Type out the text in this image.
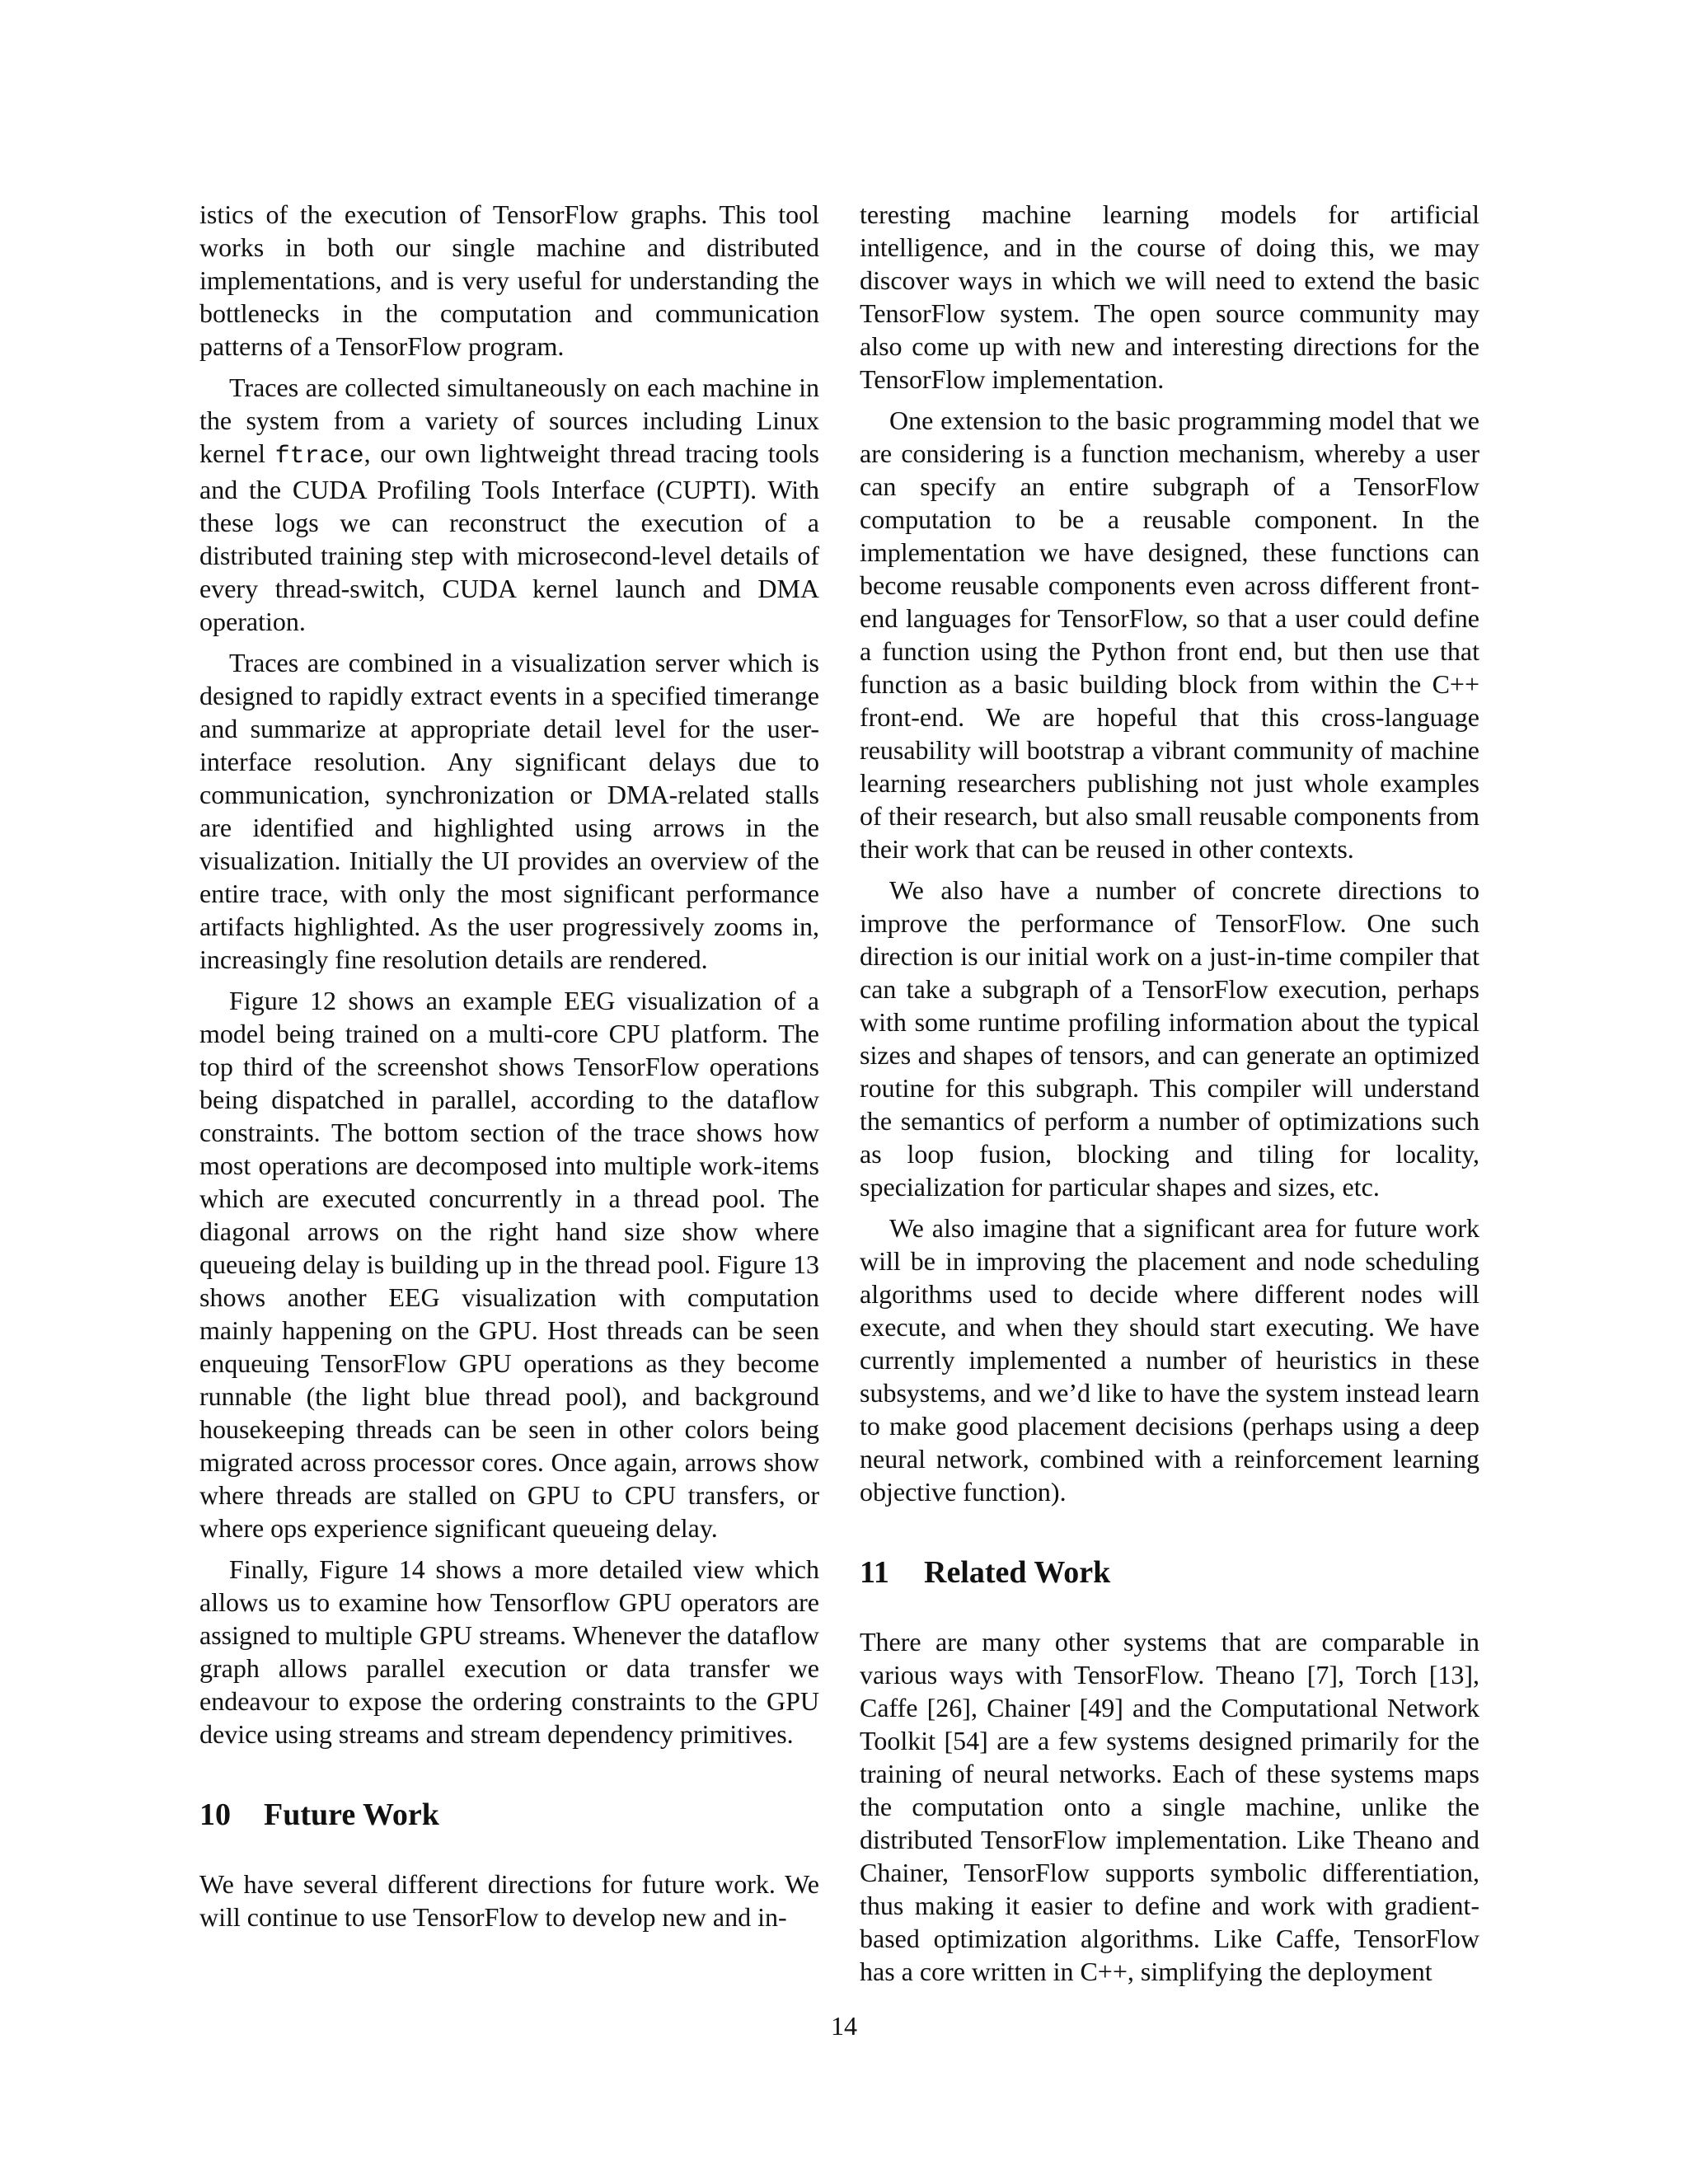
istics of the execution of TensorFlow graphs. This tool works in both our single machine and distributed implementations, and is very useful for understanding the bottlenecks in the computation and communication patterns of a TensorFlow program.

Traces are collected simultaneously on each machine in the system from a variety of sources including Linux kernel ftrace, our own lightweight thread tracing tools and the CUDA Profiling Tools Interface (CUPTI). With these logs we can reconstruct the execution of a distributed training step with microsecond-level details of every thread-switch, CUDA kernel launch and DMA operation.

Traces are combined in a visualization server which is designed to rapidly extract events in a specified timerange and summarize at appropriate detail level for the user-interface resolution. Any significant delays due to communication, synchronization or DMA-related stalls are identified and highlighted using arrows in the visualization. Initially the UI provides an overview of the entire trace, with only the most significant performance artifacts highlighted. As the user progressively zooms in, increasingly fine resolution details are rendered.

Figure 12 shows an example EEG visualization of a model being trained on a multi-core CPU platform. The top third of the screenshot shows TensorFlow operations being dispatched in parallel, according to the dataflow constraints. The bottom section of the trace shows how most operations are decomposed into multiple work-items which are executed concurrently in a thread pool. The diagonal arrows on the right hand size show where queueing delay is building up in the thread pool. Figure 13 shows another EEG visualization with computation mainly happening on the GPU. Host threads can be seen enqueuing TensorFlow GPU operations as they become runnable (the light blue thread pool), and background housekeeping threads can be seen in other colors being migrated across processor cores. Once again, arrows show where threads are stalled on GPU to CPU transfers, or where ops experience significant queueing delay.

Finally, Figure 14 shows a more detailed view which allows us to examine how Tensorflow GPU operators are assigned to multiple GPU streams. Whenever the dataflow graph allows parallel execution or data transfer we endeavour to expose the ordering constraints to the GPU device using streams and stream dependency primitives.

10 Future Work

We have several different directions for future work. We will continue to use TensorFlow to develop new and in-

teresting machine learning models for artificial intelligence, and in the course of doing this, we may discover ways in which we will need to extend the basic TensorFlow system. The open source community may also come up with new and interesting directions for the TensorFlow implementation.

One extension to the basic programming model that we are considering is a function mechanism, whereby a user can specify an entire subgraph of a TensorFlow computation to be a reusable component. In the implementation we have designed, these functions can become reusable components even across different front-end languages for TensorFlow, so that a user could define a function using the Python front end, but then use that function as a basic building block from within the C++ front-end. We are hopeful that this cross-language reusability will bootstrap a vibrant community of machine learning researchers publishing not just whole examples of their research, but also small reusable components from their work that can be reused in other contexts.

We also have a number of concrete directions to improve the performance of TensorFlow. One such direction is our initial work on a just-in-time compiler that can take a subgraph of a TensorFlow execution, perhaps with some runtime profiling information about the typical sizes and shapes of tensors, and can generate an optimized routine for this subgraph. This compiler will understand the semantics of perform a number of optimizations such as loop fusion, blocking and tiling for locality, specialization for particular shapes and sizes, etc.

We also imagine that a significant area for future work will be in improving the placement and node scheduling algorithms used to decide where different nodes will execute, and when they should start executing. We have currently implemented a number of heuristics in these subsystems, and we’d like to have the system instead learn to make good placement decisions (perhaps using a deep neural network, combined with a reinforcement learning objective function).

11 Related Work

There are many other systems that are comparable in various ways with TensorFlow. Theano [7], Torch [13], Caffe [26], Chainer [49] and the Computational Network Toolkit [54] are a few systems designed primarily for the training of neural networks. Each of these systems maps the computation onto a single machine, unlike the distributed TensorFlow implementation. Like Theano and Chainer, TensorFlow supports symbolic differentiation, thus making it easier to define and work with gradient-based optimization algorithms. Like Caffe, TensorFlow has a core written in C++, simplifying the deployment

14
